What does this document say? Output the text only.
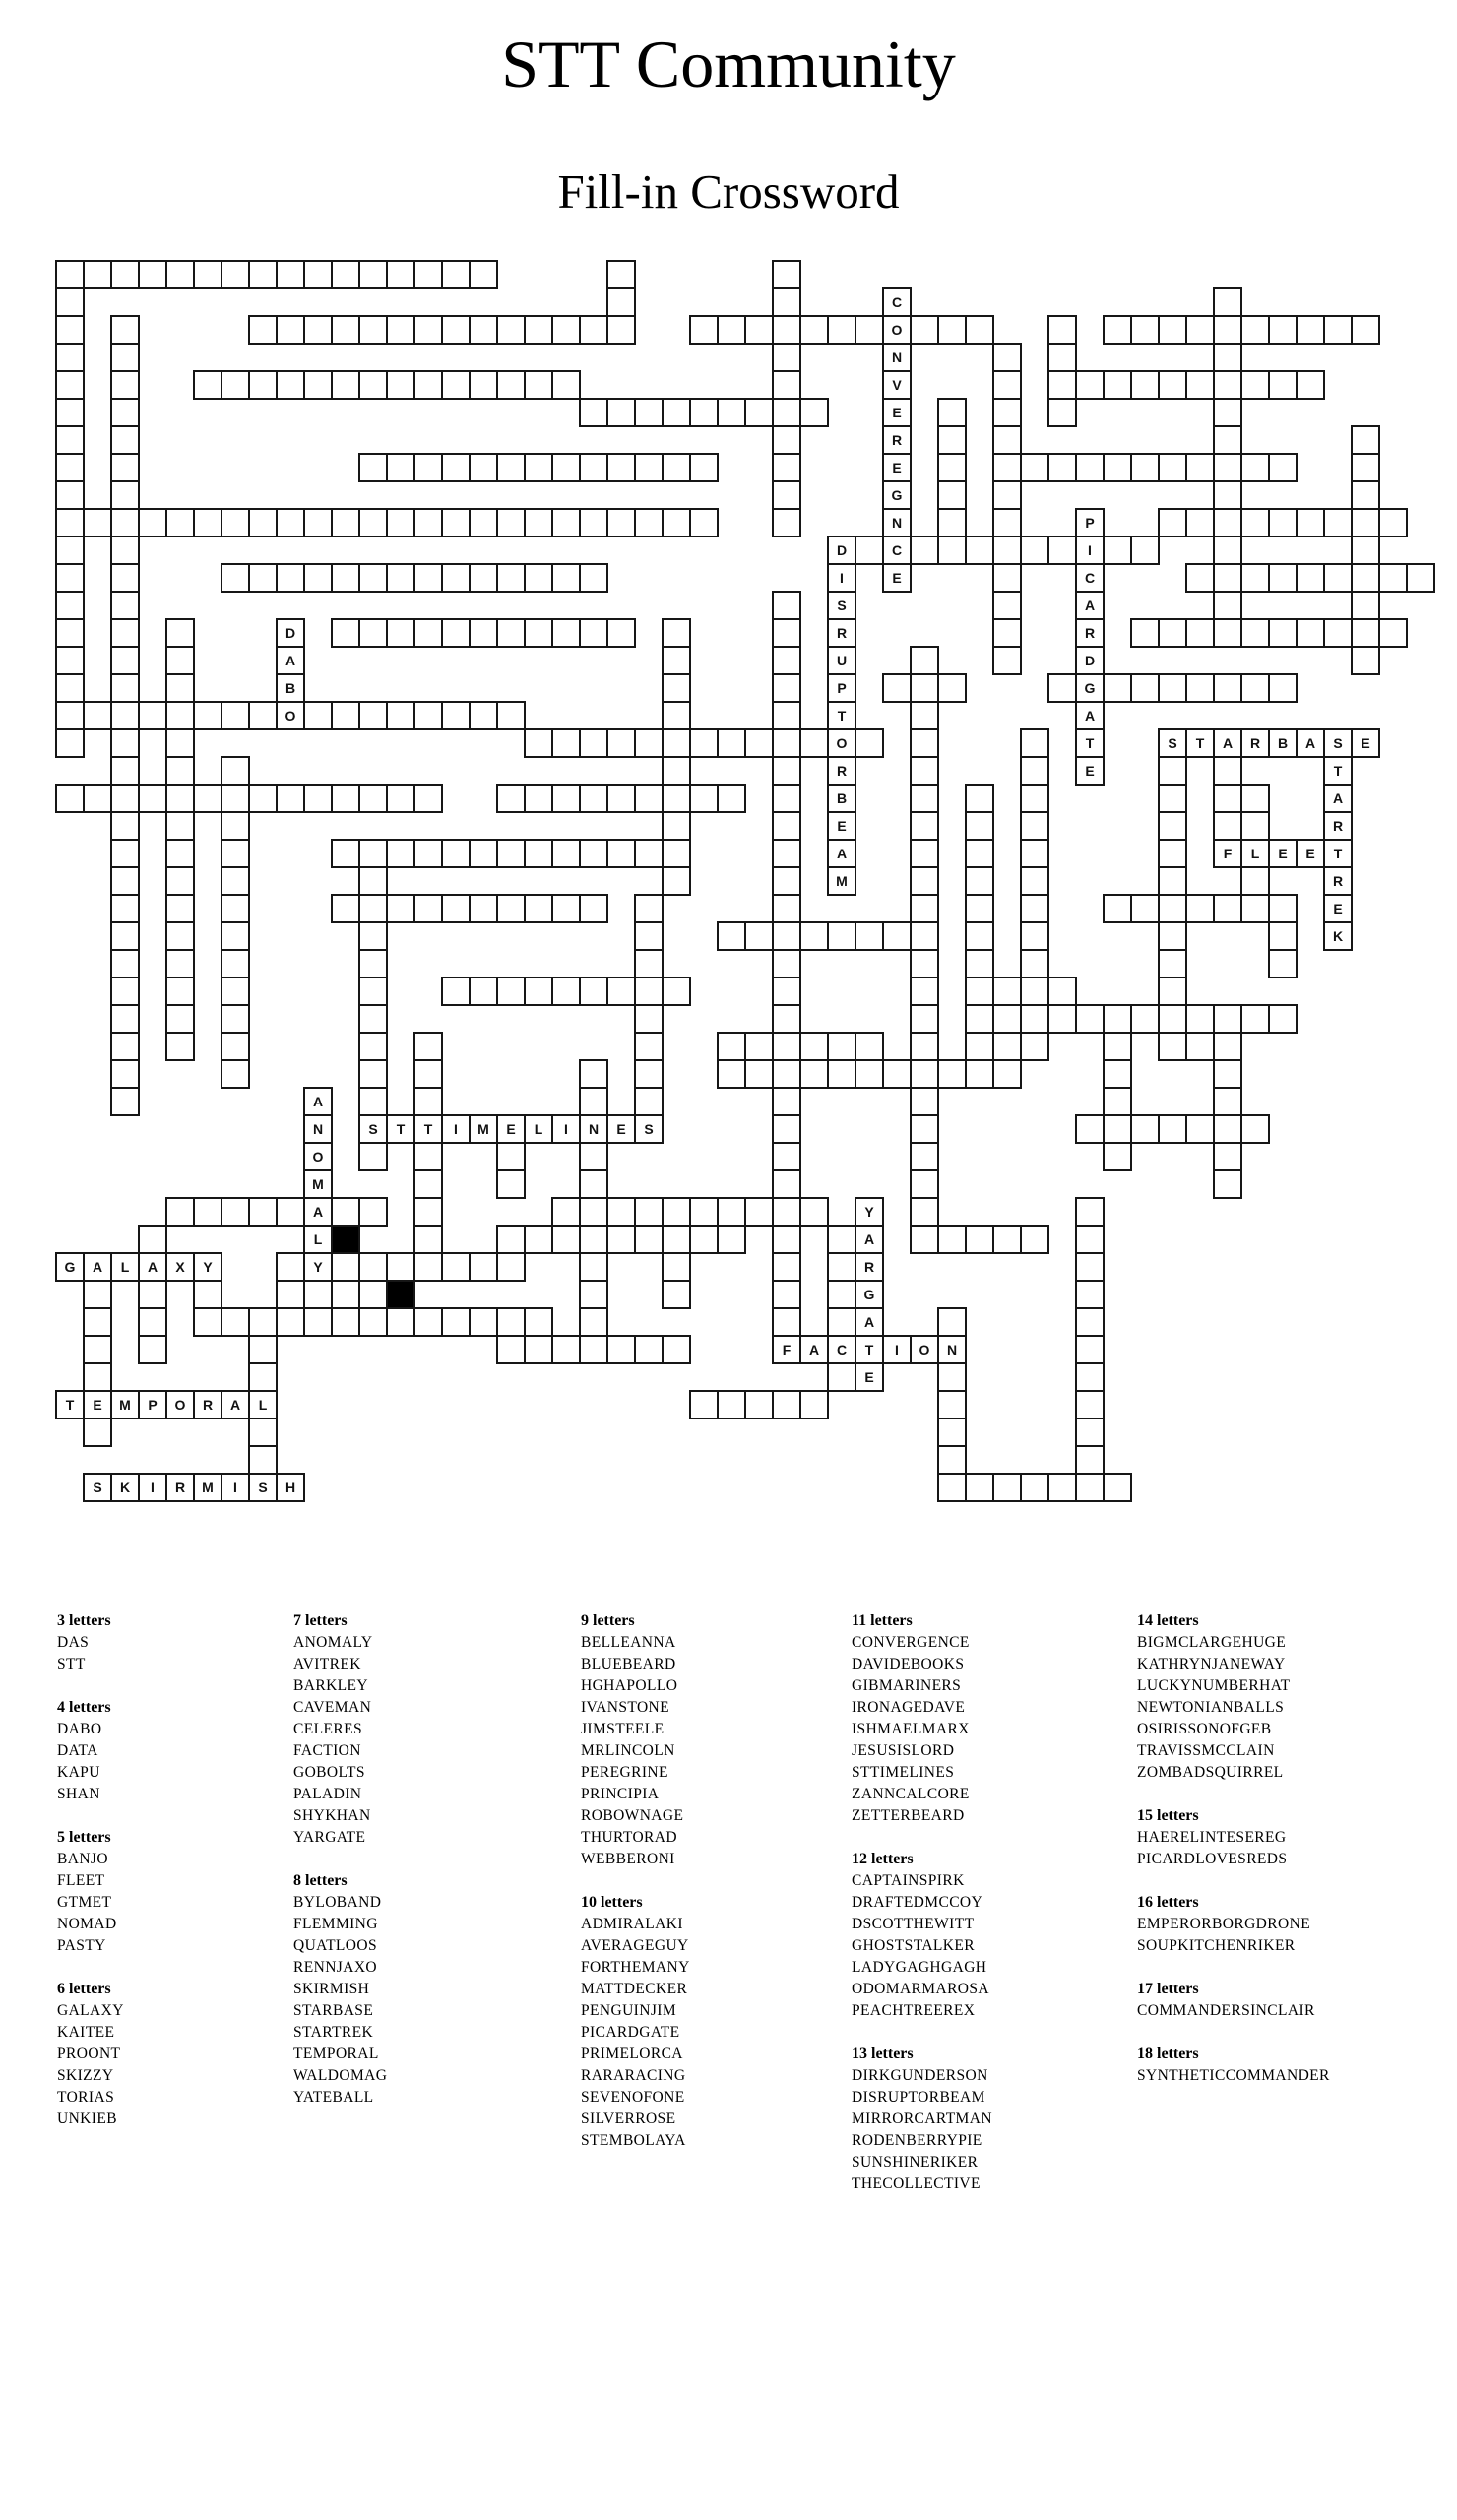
STT Community
Fill-in Crossword
O
D	C	I
G
O
O	S	T	A	R	B	A	S	E
F	L	E	E	T
S	T	T	I	M	E	L	I	N	E	S
A
G	A	L	A	X	Y	Y
F	A	C	T	I	O	N
T	E	M	P	O	R	A	L
S	K	I	R	M	I	S	H
D
A
B
A
N
O
M
L
I
S
R
U
P
T
R
B
E
A
M
Y
A
R
G
A
E
C
N
V
E
R
E
G
N
E
P
C
A
R
D
A
T
E	T
A
R
R
E
K
3 letters
DAS
STT
4 letters
DABO
DATA
KAPU
SHAN
5 letters
BANJO
FLEET
GTMET
NOMAD
PASTY
6 letters
GALAXY
KAITEE
PROONT
SKIZZY
TORIAS
UNKIEB
7 letters
ANOMALY
AVITREK
BARKLEY
CAVEMAN
CELERES
FACTION
GOBOLTS
PALADIN
SHYKHAN
YARGATE
8 letters
BYLOBAND
FLEMMING
QUATLOOS
RENNJAXO
SKIRMISH
STARBASE
STARTREK
TEMPORAL
WALDOMAG
YATEBALL
9 letters
BELLEANNA
BLUEBEARD
HGHAPOLLO
IVANSTONE
JIMSTEELE
MRLINCOLN
PEREGRINE
PRINCIPIA
ROBOWNAGE
THURTORAD
WEBBERONI
10 letters
ADMIRALAKI
AVERAGEGUY
FORTHEMANY
MATTDECKER
PENGUINJIM
PICARDGATE
PRIMELORCA
RARARACING
SEVENOFONE
SILVERROSE
STEMBOLAYA
11 letters
CONVERGENCE
DAVIDEBOOKS
GIBMARINERS
IRONAGEDAVE
ISHMAELMARX
JESUSISLORD
STTIMELINES
ZANNCALCORE
ZETTERBEARD
12 letters
CAPTAINSPIRK
DRAFTEDMCCOY
DSCOTTHEWITT
GHOSTSTALKER
LADYGAGHGAGH
ODOMARMAROSA
PEACHTREEREX
13 letters
DIRKGUNDERSON
DISRUPTORBEAM
MIRRORCARTMAN
RODENBERRYPIE
SUNSHINERIKER
THECOLLECTIVE
14 letters
BIGMCLARGEHUGE
KATHRYNJANEWAY
LUCKYNUMBERHAT
NEWTONIANBALLS
OSIRISSONOFGEB
TRAVISSMCCLAIN
ZOMBADSQUIRREL
15 letters
HAERELINTESEREG
PICARDLOVESREDS
16 letters
EMPERORBORGDRONE
SOUPKITCHENRIKER
17 letters
COMMANDERSINCLAIR
18 letters
SYNTHETICCOMMANDER
